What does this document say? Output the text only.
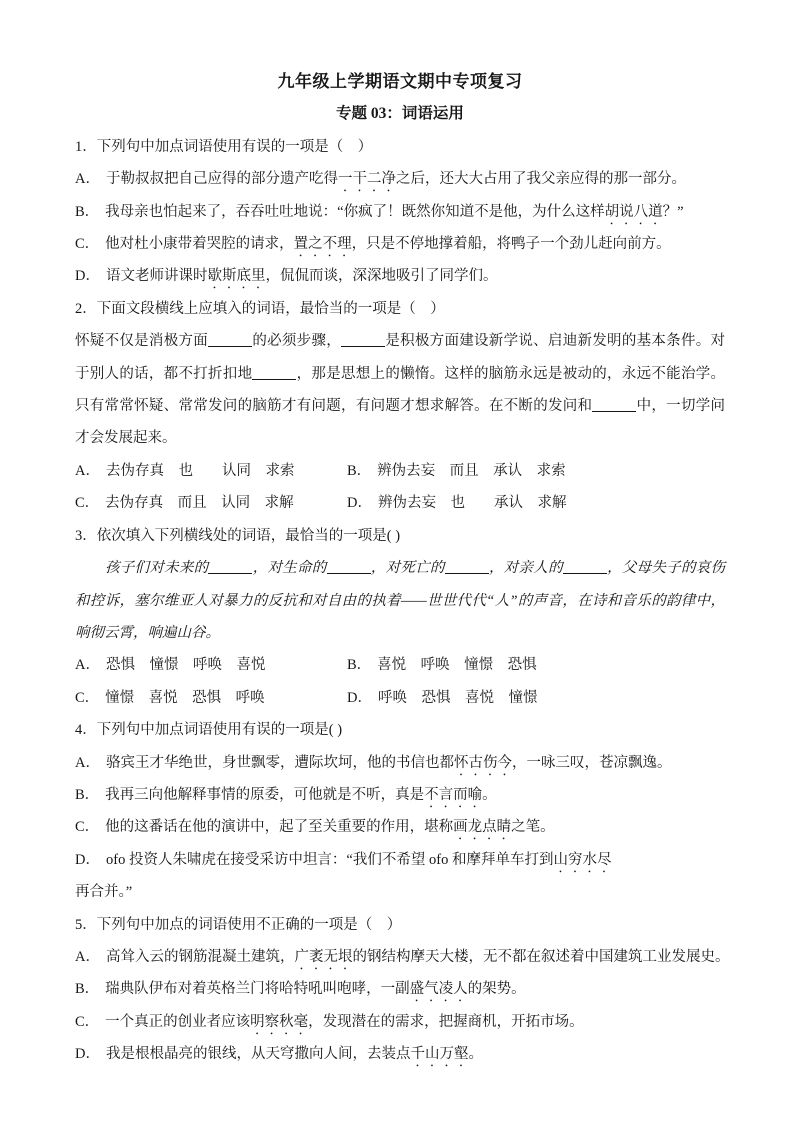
九年级上学期语文期中专项复习
专题 03：词语运用
1．下列句中加点词语使用有误的一项是（　）
A． 于勒叔叔把自己应得的部分遗产吃得一干二净之后，还大大占用了我父亲应得的那一部分。
B． 我母亲也怕起来了，吞吞吐吐地说：“你疯了！既然你知道不是他，为什么这样胡说八道？”
C． 他对杜小康带着哭腔的请求，置之不理，只是不停地撑着船，将鸭子一个劲儿赶向前方。
D． 语文老师讲课时歇斯底里，侃侃而谈，深深地吸引了同学们。
2．下面文段横线上应填入的词语，最恰当的一项是（　）
怀疑不仅是消极方面	的必须步骤，	是积极方面建设新学说、启迪新发明的基本条件。对于别人的话，都不打折扣地	，那是思想上的懒惰。这样的脑筋永远是被动的，永远不能治学。只有常常怀疑、常常发问的脑筋才有问题，有问题才想求解答。在不断的发问和	中，一切学问才会发展起来。
A． 去伪存真　也　　认同　求索	B． 辨伪去妄　而且　承认　求索
C． 去伪存真　而且　认同　求解	D． 辨伪去妄　也　　承认　求解
3．依次填入下列横线处的词语，最恰当的一项是( )
孩子们对未来的	，对生命的	，对死亡的	，对亲人的	，父母失子的哀伤和控诉，塞尔维亚人对暴力的反抗和对自由的执着——世世代代“人”的声音，在诗和音乐的韵律中，响彻云霄，响遍山谷。
A． 恐惧　憧憬　呼唤　喜悦	B． 喜悦　呼唤　憧憬　恐惧
C． 憧憬　喜悦　恐惧　呼唤	D． 呼唤　恐惧　喜悦　憧憬
4．下列句中加点词语使用有误的一项是( )
A． 骆宾王才华绝世，身世飘零，遭际坎坷，他的书信也都怀古伤今，一咏三叹，苍凉飘逸。
B． 我再三向他解释事情的原委，可他就是不听，真是不言而喻。
C． 他的这番话在他的演讲中，起了至关重要的作用，堪称画龙点睛之笔。
D． ofo 投资人朱啸虎在接受采访中坦言：“我们不希望 ofo 和摩拜单车打到山穷水尽
再合并。”
5．下列句中加点的词语使用不正确的一项是（　）
A． 高耸入云的钢筋混凝土建筑，广袤无垠的钢结构摩天大楼，无不都在叙述着中国建筑工业发展史。
B． 瑞典队伊布对着英格兰门将哈特吼叫咆哮，一副盛气凌人的架势。
C． 一个真正的创业者应该明察秋毫，发现潜在的需求，把握商机，开拓市场。
D． 我是根根晶亮的银线，从天穹撒向人间，去装点千山万壑。
